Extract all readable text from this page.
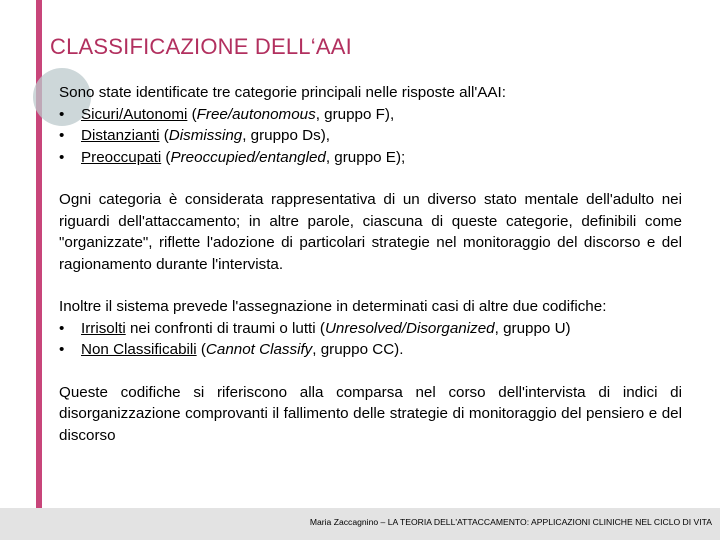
CLASSIFICAZIONE DELL‘AAI

Sono state identificate tre categorie principali nelle risposte all'AAI:

• Sicuri/Autonomi (Free/autonomous, gruppo F),
• Distanzianti (Dismissing, gruppo Ds),
• Preoccupati (Preoccupied/entangled, gruppo E);

Ogni categoria è considerata rappresentativa di un diverso stato mentale dell'adulto nei riguardi dell'attaccamento; in altre parole, ciascuna di queste categorie, definibili come "organizzate", riflette l'adozione di particolari strategie nel monitoraggio del discorso e del ragionamento durante l'intervista.

Inoltre il sistema prevede l'assegnazione in determinati casi di altre due codifiche:

• Irrisolti nei confronti di traumi o lutti (Unresolved/Disorganized, gruppo U)
• Non Classificabili (Cannot Classify, gruppo CC).

Queste codifiche si riferiscono alla comparsa nel corso dell'intervista di indici di disorganizzazione comprovanti il fallimento delle strategie di monitoraggio del pensiero e del discorso

Maria Zaccagnino – LA TEORIA DELL'ATTACCAMENTO: APPLICAZIONI CLINICHE NEL CICLO DI VITA
